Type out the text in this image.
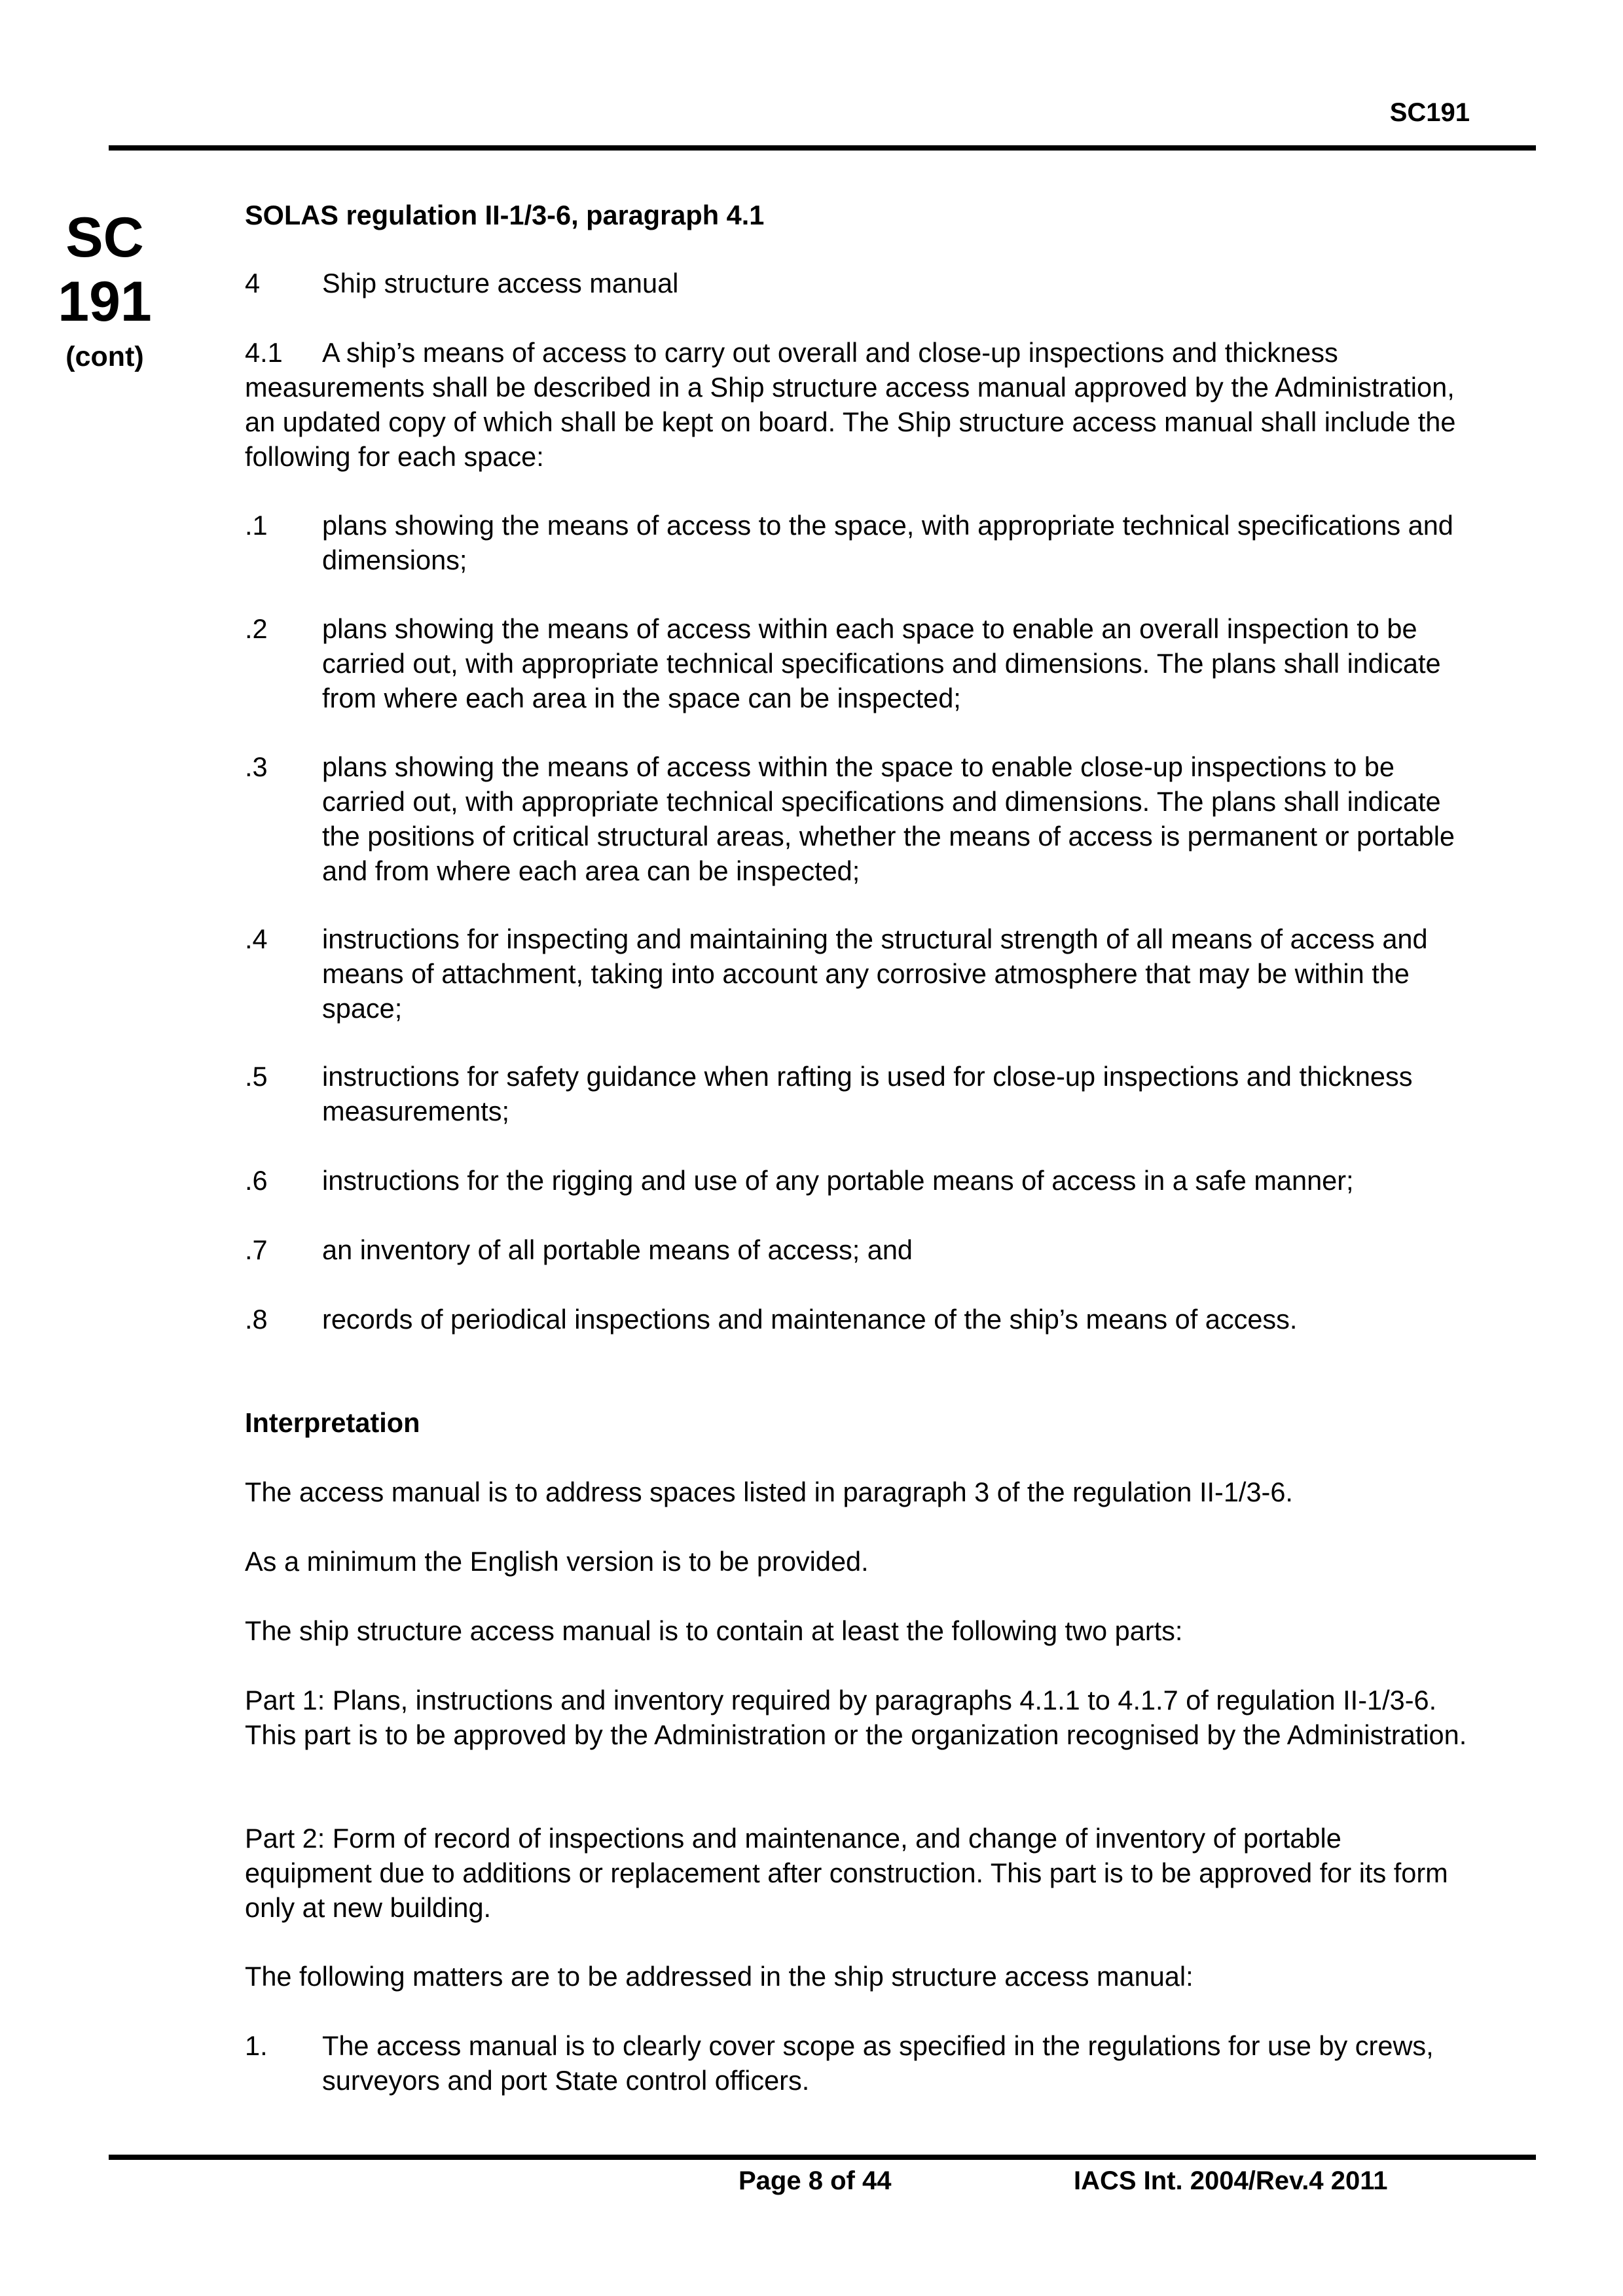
SC191
SC
191
(cont)
SOLAS regulation II-1/3-6, paragraph 4.1
4 Ship structure access manual
4.1 A ship’s means of access to carry out overall and close-up inspections and thickness measurements shall be described in a Ship structure access manual approved by the Administration, an updated copy of which shall be kept on board. The Ship structure access manual shall include the following for each space:
.1 plans showing the means of access to the space, with appropriate technical specifications and dimensions;
.2 plans showing the means of access within each space to enable an overall inspection to be carried out, with appropriate technical specifications and dimensions. The plans shall indicate from where each area in the space can be inspected;
.3 plans showing the means of access within the space to enable close-up inspections to be carried out, with appropriate technical specifications and dimensions. The plans shall indicate the positions of critical structural areas, whether the means of access is permanent or portable and from where each area can be inspected;
.4 instructions for inspecting and maintaining the structural strength of all means of access and means of attachment, taking into account any corrosive atmosphere that may be within the space;
.5 instructions for safety guidance when rafting is used for close-up inspections and thickness measurements;
.6 instructions for the rigging and use of any portable means of access in a safe manner;
.7 an inventory of all portable means of access; and
.8 records of periodical inspections and maintenance of the ship’s means of access.
Interpretation
The access manual is to address spaces listed in paragraph 3 of the regulation II-1/3-6.
As a minimum the English version is to be provided.
The ship structure access manual is to contain at least the following two parts:
Part 1: Plans, instructions and inventory required by paragraphs 4.1.1 to 4.1.7 of regulation II-1/3-6. This part is to be approved by the Administration or the organization recognised by the Administration.
Part 2: Form of record of inspections and maintenance, and change of inventory of portable equipment due to additions or replacement after construction. This part is to be approved for its form only at new building.
The following matters are to be addressed in the ship structure access manual:
1. The access manual is to clearly cover scope as specified in the regulations for use by crews, surveyors and port State control officers.
Page 8 of 44	IACS Int. 2004/Rev.4 2011
